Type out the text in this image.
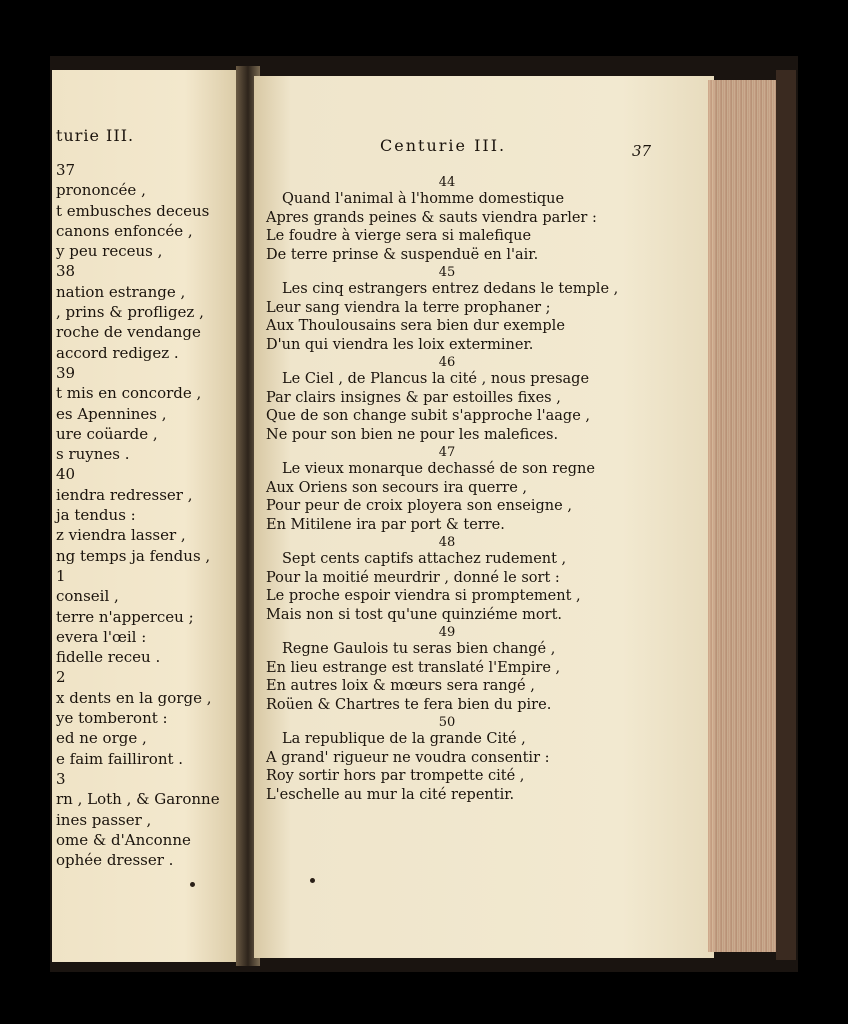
turie III.
37
prononcée ,
t embusches deceus
canons enfoncée ,
y peu receus ,
38
nation estrange ,
, prins & profligez ,
roche de vendange
accord redigez .
39
t mis en concorde ,
es Apennines ,
ure coüarde ,
s ruynes .
40
iendra redresser ,
ja tendus :
z viendra lasser ,
ng temps ja fendus ,
1
conseil ,
terre n'apperceu ;
evera l'œil :
fidelle receu .
2
x dents en la gorge ,
ye tomberont :
ed ne orge ,
e faim failliront .
3
rn , Loth , & Garonne
ines passer ,
ome & d'Anconne
ophée dresser .
Centurie III.	37
44
Quand l'animal à l'homme domestique
Apres grands peines & sauts viendra parler :
Le foudre à vierge sera si malefique
De terre prinse & suspenduë en l'air.
45
Les cinq estrangers entrez dedans le temple ,
Leur sang viendra la terre prophaner ;
Aux Thoulousains sera bien dur exemple
D'un qui viendra les loix exterminer.
46
Le Ciel , de Plancus la cité , nous presage
Par clairs insignes & par estoilles fixes ,
Que de son change subit s'approche l'aage ,
Ne pour son bien ne pour les malefices.
47
Le vieux monarque dechassé de son regne
Aux Oriens son secours ira querre ,
Pour peur de croix ployera son enseigne ,
En Mitilene ira par port & terre.
48
Sept cents captifs attachez rudement ,
Pour la moitié meurdrir , donné le sort :
Le proche espoir viendra si promptement ,
Mais non si tost qu'une quinziéme mort.
49
Regne Gaulois tu seras bien changé ,
En lieu estrange est translaté l'Empire ,
En autres loix & mœurs sera rangé ,
Roüen & Chartres te fera bien du pire.
50
La republique de la grande Cité ,
A grand' rigueur ne voudra consentir :
Roy sortir hors par trompette cité ,
L'eschelle au mur la cité repentir.
